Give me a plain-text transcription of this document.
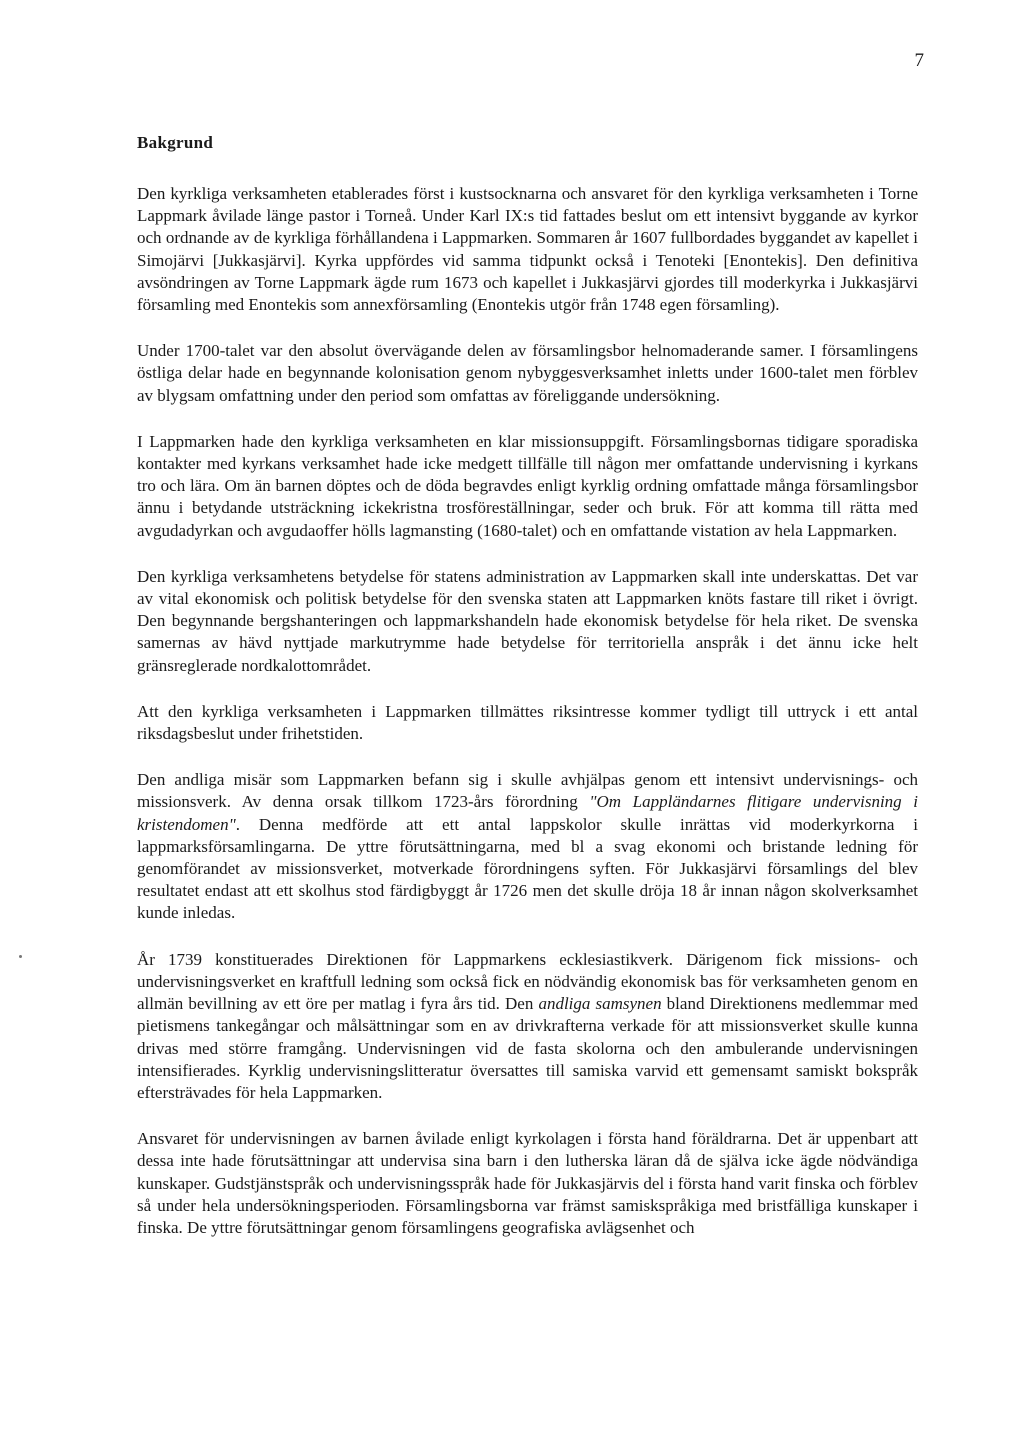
7
Bakgrund

Den kyrkliga verksamheten etablerades först i kustsocknarna och ansvaret för den kyrkliga verksamheten i Torne Lappmark åvilade länge pastor i Torneå. Under Karl IX:s tid fattades beslut om ett intensivt byggande av kyrkor och ordnande av de kyrkliga förhållandena i Lappmarken. Sommaren år 1607 fullbordades byggandet av kapellet i Simojärvi [Jukkasjärvi]. Kyrka uppfördes vid samma tidpunkt också i Tenoteki [Enontekis]. Den definitiva avsöndringen av Torne Lappmark ägde rum 1673 och kapellet i Jukkasjärvi gjordes till moderkyrka i Jukkasjärvi församling med Enontekis som annexförsamling (Enontekis utgör från 1748 egen församling).

Under 1700-talet var den absolut övervägande delen av församlingsbor helnomaderande samer. I församlingens östliga delar hade en begynnande kolonisation genom nybyggesverksamhet inletts under 1600-talet men förblev av blygsam omfattning under den period som omfattas av föreliggande undersökning.

I Lappmarken hade den kyrkliga verksamheten en klar missionsuppgift. Församlingsbornas tidigare sporadiska kontakter med kyrkans verksamhet hade icke medgett tillfälle till någon mer omfattande undervisning i kyrkans tro och lära. Om än barnen döptes och de döda begravdes enligt kyrklig ordning omfattade många församlingsbor ännu i betydande utsträckning ickekristna trosföreställningar, seder och bruk. För att komma till rätta med avgudadyrkan och avgudaoffer hölls lagmansting (1680-talet) och en omfattande vistation av hela Lappmarken.

Den kyrkliga verksamhetens betydelse för statens administration av Lappmarken skall inte underskattas. Det var av vital ekonomisk och politisk betydelse för den svenska staten att Lappmarken knöts fastare till riket i övrigt. Den begynnande bergshanteringen och lappmarkshandeln hade ekonomisk betydelse för hela riket. De svenska samernas av hävd nyttjade markutrymme hade betydelse för territoriella anspråk i det ännu icke helt gränsreglerade nordkalottområdet.

Att den kyrkliga verksamheten i Lappmarken tillmättes riksintresse kommer tydligt till uttryck i ett antal riksdagsbeslut under frihetstiden.

Den andliga misär som Lappmarken befann sig i skulle avhjälpas genom ett intensivt undervisnings- och missionsverk. Av denna orsak tillkom 1723-års förordning "Om Lappländarnes flitigare undervisning i kristendomen". Denna medförde att ett antal lappskolor skulle inrättas vid moderkyrkorna i lappmarksförsamlingarna. De yttre förutsättningarna, med bl a svag ekonomi och bristande ledning för genomförandet av missionsverket, motverkade förordningens syften. För Jukkasjärvi församlings del blev resultatet endast att ett skolhus stod färdigbyggt år 1726 men det skulle dröja 18 år innan någon skolverksamhet kunde inledas.

År 1739 konstituerades Direktionen för Lappmarkens ecklesiastikverk. Därigenom fick missions- och undervisningsverket en kraftfull ledning som också fick en nödvändig ekonomisk bas för verksamheten genom en allmän bevillning av ett öre per matlag i fyra års tid. Den andliga samsynen bland Direktionens medlemmar med pietismens tankegångar och målsättningar som en av drivkrafterna verkade för att missionsverket skulle kunna drivas med större framgång. Undervisningen vid de fasta skolorna och den ambulerande undervisningen intensifierades. Kyrklig undervisningslitteratur översattes till samiska varvid ett gemensamt samiskt bokspråk eftersträvades för hela Lappmarken.

Ansvaret för undervisningen av barnen åvilade enligt kyrkolagen i första hand föräldrarna. Det är uppenbart att dessa inte hade förutsättningar att undervisa sina barn i den lutherska läran då de själva icke ägde nödvändiga kunskaper. Gudstjänstspråk och undervisningsspråk hade för Jukkasjärvis del i första hand varit finska och förblev så under hela undersökningsperioden. Församlingsborna var främst samiskspråkiga med bristfälliga kunskaper i finska. De yttre förutsättningar genom församlingens geografiska avlägsenhet och
